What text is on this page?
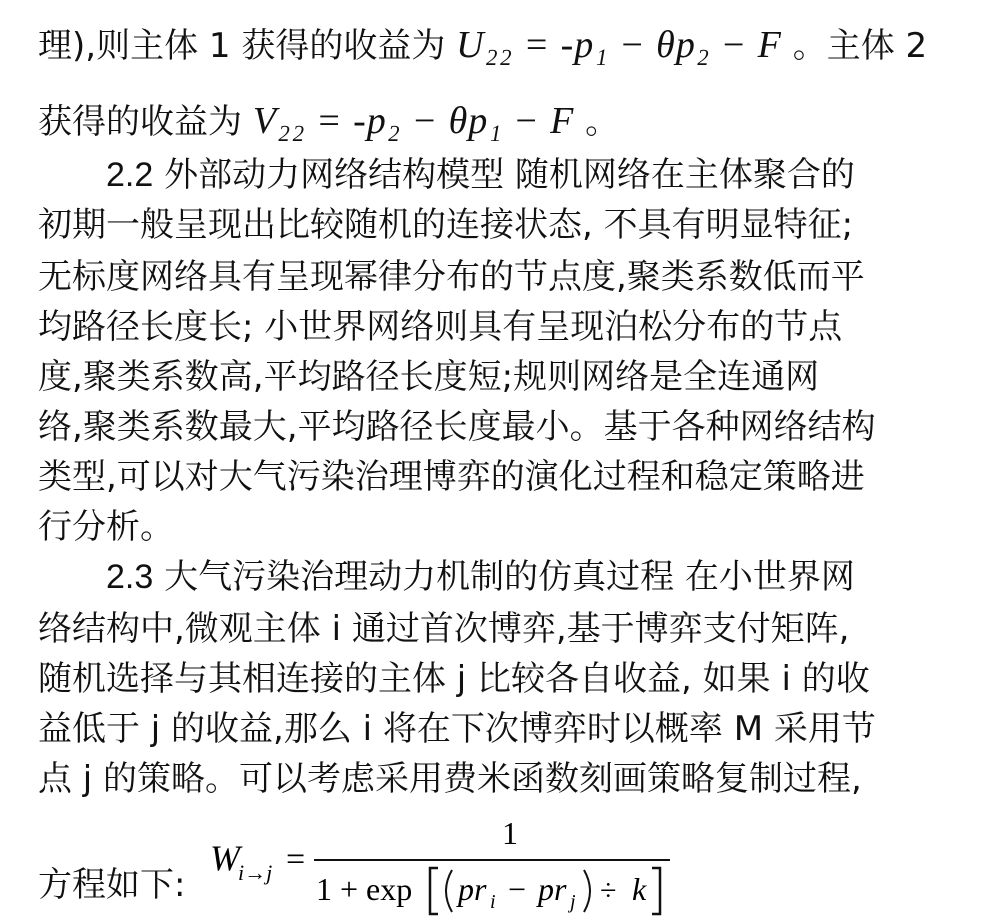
理),则主体 1 获得的收益为 U₂₂ = -p₁ − θp₂ − F 。主体 2
获得的收益为 V₂₂ = -p₂ − θp₁ − F 。
2.2 外部动力网络结构模型 随机网络在主体聚合的
初期一般呈现出比较随机的连接状态, 不具有明显特征;
无标度网络具有呈现幂律分布的节点度,聚类系数低而平
均路径长度长; 小世界网络则具有呈现泊松分布的节点
度,聚类系数高,平均路径长度短;规则网络是全连通网
络,聚类系数最大,平均路径长度最小。基于各种网络结构
类型,可以对大气污染治理博弈的演化过程和稳定策略进
行分析。
2.3 大气污染治理动力机制的仿真过程 在小世界网
络结构中,微观主体 i 通过首次博弈,基于博弈支付矩阵,
随机选择与其相连接的主体 j 比较各自收益, 如果 i 的收
益低于 j 的收益,那么 i 将在下次博弈时以概率 M 采用节
点 j 的策略。可以考虑采用费米函数刻画策略复制过程,
方程如下:
W
i→j =
1
1 + exp pr i − pr j ÷ k
